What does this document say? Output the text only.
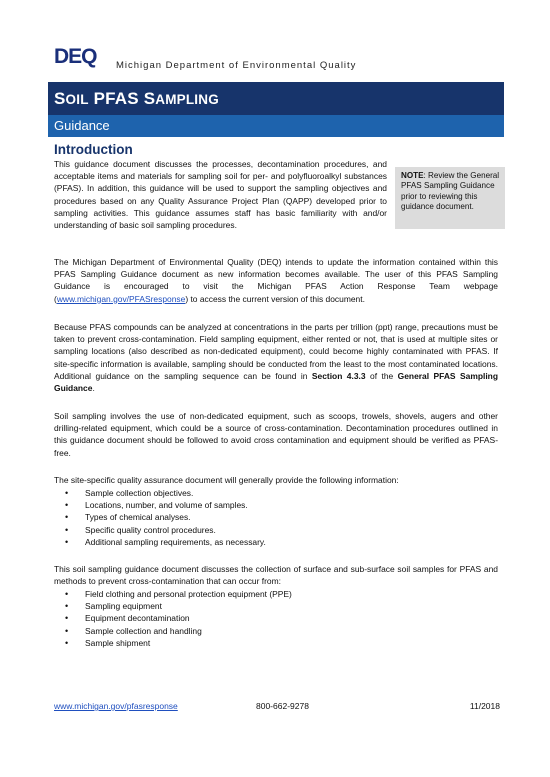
DEQ Michigan Department of Environmental Quality
SOIL PFAS SAMPLING
Guidance
Introduction
This guidance document discusses the processes, decontamination procedures, and acceptable items and materials for sampling soil for per- and polyfluoroalkyl substances (PFAS). In addition, this guidance will be used to support the sampling objectives and procedures based on any Quality Assurance Project Plan (QAPP) developed prior to sampling activities. This guidance assumes staff has basic familiarity with and/or understanding of basic soil sampling procedures.
NOTE: Review the General PFAS Sampling Guidance prior to reviewing this guidance document.
The Michigan Department of Environmental Quality (DEQ) intends to update the information contained within this PFAS Sampling Guidance document as new information becomes available. The user of this PFAS Sampling Guidance is encouraged to visit the Michigan PFAS Action Response Team webpage (www.michigan.gov/PFASresponse) to access the current version of this document.
Because PFAS compounds can be analyzed at concentrations in the parts per trillion (ppt) range, precautions must be taken to prevent cross-contamination. Field sampling equipment, either rented or not, that is used at multiple sites or sampling locations (also described as non-dedicated equipment), could become highly contaminated with PFAS. If site-specific information is available, sampling should be conducted from the least to the most contaminated locations. Additional guidance on the sampling sequence can be found in Section 4.3.3 of the General PFAS Sampling Guidance.
Soil sampling involves the use of non-dedicated equipment, such as scoops, trowels, shovels, augers and other drilling-related equipment, which could be a source of cross-contamination. Decontamination procedures outlined in this guidance document should be followed to avoid cross contamination and equipment should be verified as PFAS-free.
The site-specific quality assurance document will generally provide the following information:
• Sample collection objectives.
• Locations, number, and volume of samples.
• Types of chemical analyses.
• Specific quality control procedures.
• Additional sampling requirements, as necessary.
This soil sampling guidance document discusses the collection of surface and sub-surface soil samples for PFAS and methods to prevent cross-contamination that can occur from:
• Field clothing and personal protection equipment (PPE)
• Sampling equipment
• Equipment decontamination
• Sample collection and handling
• Sample shipment
www.michigan.gov/pfasresponse	800-662-9278	11/2018
